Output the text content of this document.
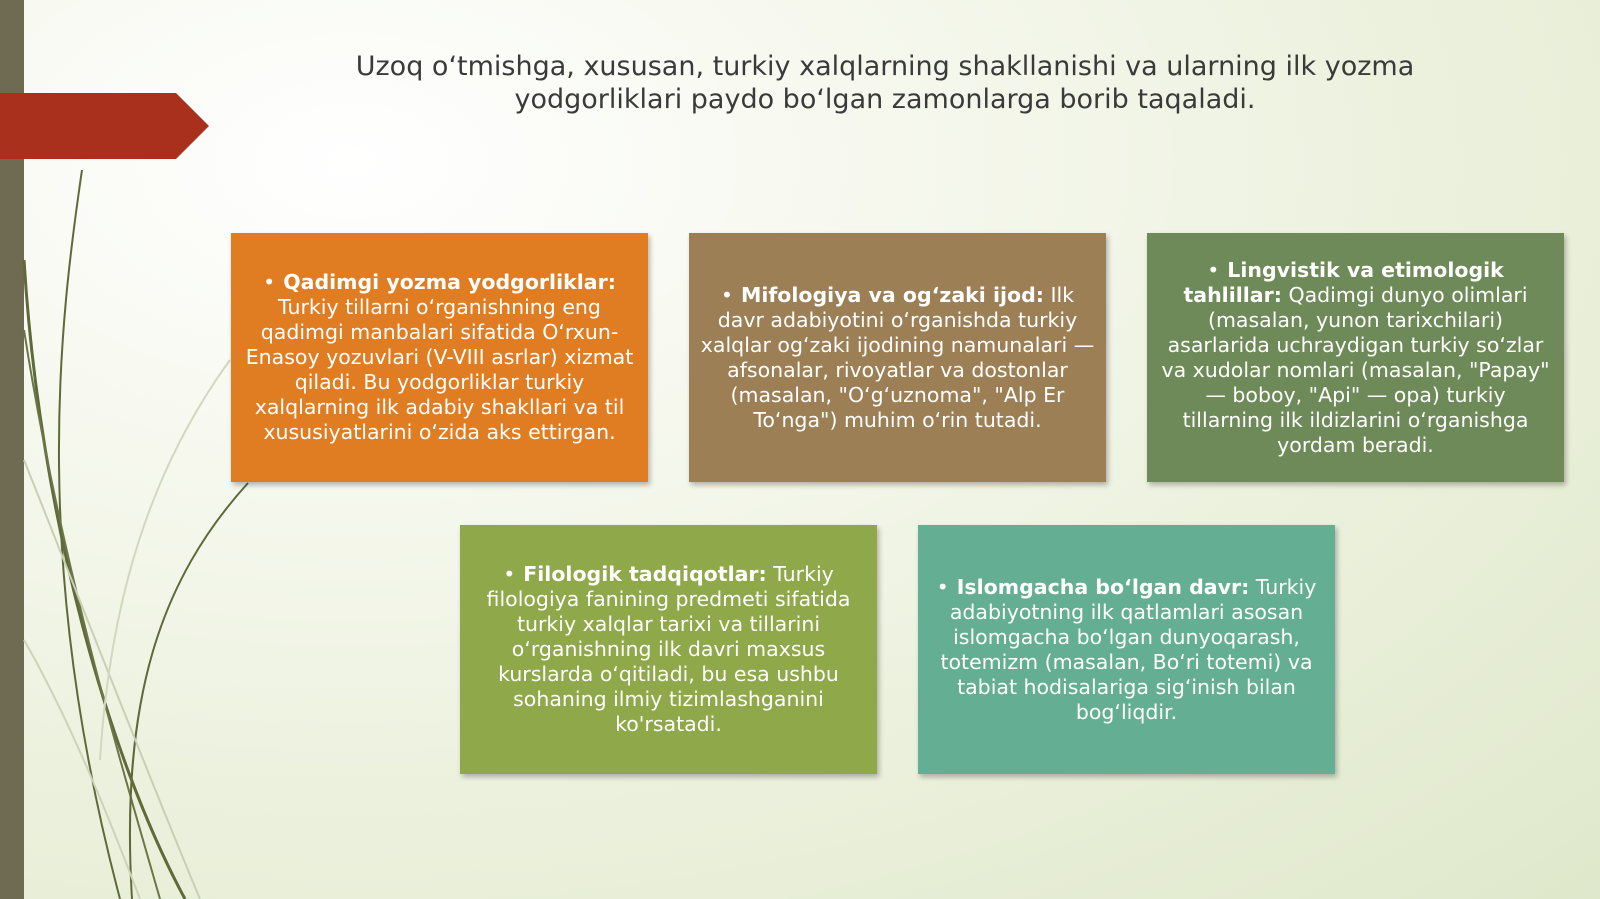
Uzoq o‘tmishga, xususan, turkiy xalqlarning shakllanishi va ularning ilk yozma yodgorliklari paydo bo‘lgan zamonlarga borib taqaladi.

• Qadimgi yozma yodgorliklar: Turkiy tillarni o‘rganishning eng qadimgi manbalari sifatida O‘rxun-Enasoy yozuvlari (V-VIII asrlar) xizmat qiladi. Bu yodgorliklar turkiy xalqlarning ilk adabiy shakllari va til xususiyatlarini o‘zida aks ettirgan.

• Mifologiya va og‘zaki ijod: Ilk davr adabiyotini o‘rganishda turkiy xalqlar og‘zaki ijodining namunalari — afsonalar, rivoyatlar va dostonlar (masalan, "O‘g‘uznoma", "Alp Er To‘nga") muhim o‘rin tutadi.

• Lingvistik va etimologik tahlillar: Qadimgi dunyo olimlari (masalan, yunon tarixchilari) asarlarida uchraydigan turkiy so‘zlar va xudolar nomlari (masalan, "Papay" — boboy, "Api" — opa) turkiy tillarning ilk ildizlarini o‘rganishga yordam beradi.

• Filologik tadqiqotlar: Turkiy filologiya fanining predmeti sifatida turkiy xalqlar tarixi va tillarini o‘rganishning ilk davri maxsus kurslarda o‘qitiladi, bu esa ushbu sohaning ilmiy tizimlashganini ko'rsatadi.

• Islomgacha bo‘lgan davr: Turkiy adabiyotning ilk qatlamlari asosan islomgacha bo‘lgan dunyoqarash, totemizm (masalan, Bo‘ri totemi) va tabiat hodisalariga sig‘inish bilan bog‘liqdir.
